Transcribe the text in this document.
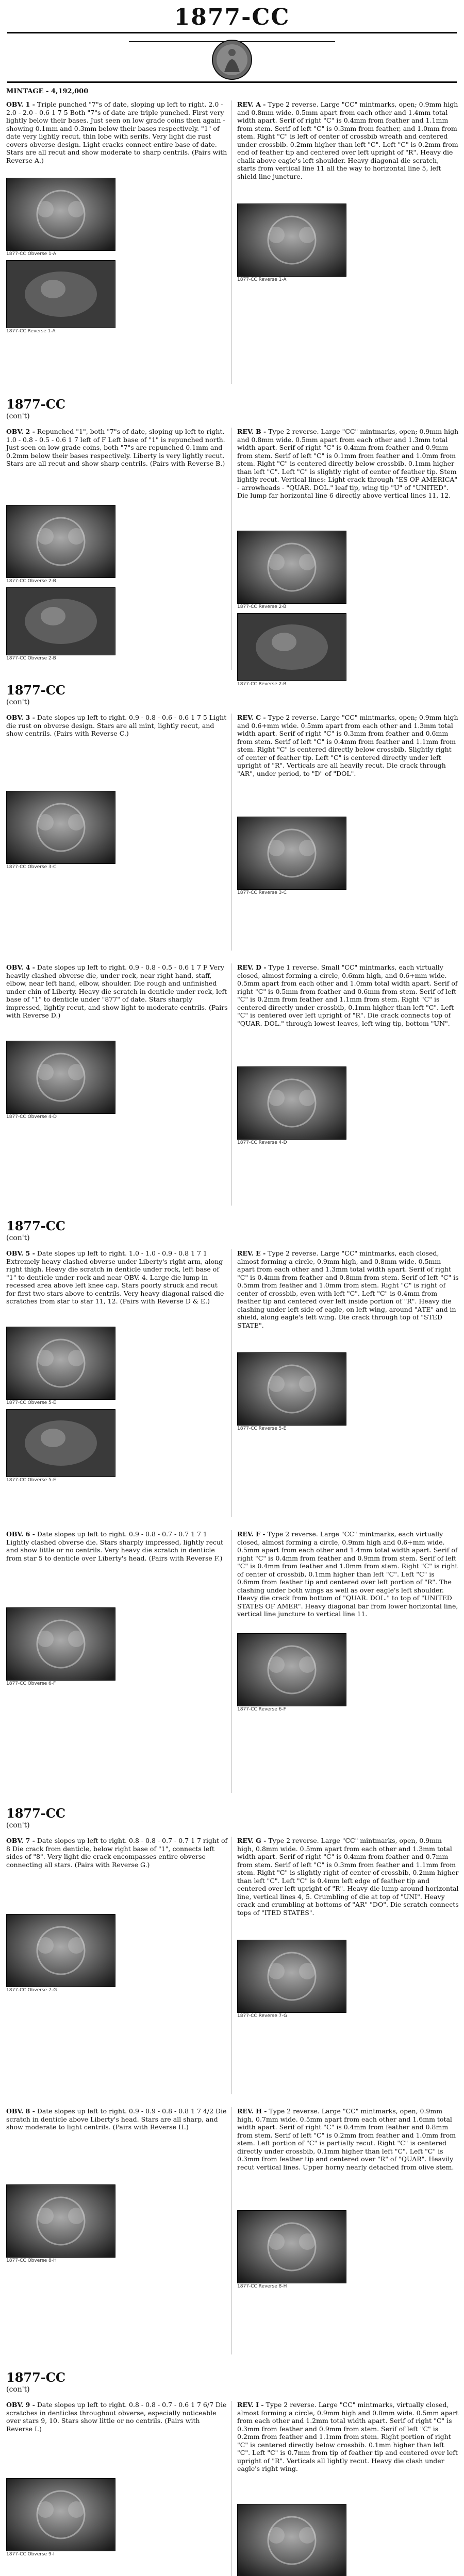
1877-CC
MINTAGE - 4,192,000

OBV. 1 - Triple punched "7"s of date, sloping up left to right. 2.0 - 2.0 - 2.0 - 0.6 1 7 5 Both "7"s of date are triple punched. First very lightly below their bases. Just seen on low grade coins then again - showing 0.1mm and 0.3mm below their bases respectively. "1" of date very lightly recut, thin lobe with serifs. Very light die rust covers obverse design. Light cracks connect entire base of date. Stars are all recut and show moderate to sharp centrils. (Pairs with Reverse A.)

1877-CC Obverse 1-A
1877-CC Reverse 1-A

REV. A - Type 2 reverse. Large "CC" mintmarks, open; 0.9mm high and 0.8mm wide. 0.5mm apart from each other and 1.4mm total width apart. Serif of right "C" is 0.4mm from feather and 1.1mm from stem. Serif of left "C" is 0.3mm from feather, and 1.0mm from stem. Right "C" is left of center of crossbib wreath and centered under crossbib. 0.2mm higher than left "C". Left "C" is 0.2mm from end of feather tip and centered over left upright of "R". Heavy die chalk above eagle's left shoulder. Heavy diagonal die scratch, starts from vertical line 11 all the way to horizontal line 5, left shield line juncture.

1877-CC Reverse 1-A
1877-CC
(con't)

OBV. 2 - Repunched "1", both "7"s of date, sloping up left to right. 1.0 - 0.8 - 0.5 - 0.6 1 7 left of F Left base of "1" is repunched north. Just seen on low grade coins, both "7"s are repunched 0.1mm and 0.2mm below their bases respectively. Liberty is very lightly recut. Stars are all recut and show sharp centrils. (Pairs with Reverse B.)

1877-CC Obverse 2-B
1877-CC Obverse 2-B

REV. B - Type 2 reverse. Large "CC" mintmarks, open; 0.9mm high and 0.8mm wide. 0.5mm apart from each other and 1.3mm total width apart. Serif of right "C" is 0.4mm from feather and 0.9mm from stem. Serif of left "C" is 0.1mm from feather and 1.0mm from stem. Right "C" is centered directly below crossbib. 0.1mm higher than left "C". Left "C" is slightly right of center of feather tip. Stem lightly recut. Vertical lines: Light crack through "ES OF AMERICA" - arrowheads - "QUAR. DOL." leaf tip, wing tip "U" of "UNITED". Die lump far horizontal line 6 directly above vertical lines 11, 12.

1877-CC Reverse 2-B
1877-CC Reverse 2-B
1877-CC
(con't)

OBV. 3 - Date slopes up left to right. 0.9 - 0.8 - 0.6 - 0.6 1 7 5 Light die rust on obverse design. Stars are all mint, lightly recut, and show centrils. (Pairs with Reverse C.)

1877-CC Obverse 3-C

REV. C - Type 2 reverse. Large "CC" mintmarks, open; 0.9mm high and 0.6+mm wide. 0.5mm apart from each other and 1.3mm total width apart. Serif of right "C" is 0.3mm from feather and 0.6mm from stem. Serif of left "C" is 0.4mm from feather and 1.1mm from stem. Right "C" is centered directly below crossbib. Slightly right of center of feather tip. Left "C" is centered directly under left upright of "R". Verticals are all heavily recut. Die crack through "AR", under period, to "D" of "DOL".

1877-CC Reverse 3-C

OBV. 4 - Date slopes up left to right. 0.9 - 0.8 - 0.5 - 0.6 1 7 F Very heavily clashed obverse die, under rock, near right hand, staff, elbow, near left hand, elbow, shoulder. Die rough and unfinished under chin of Liberty. Heavy die scratch in denticle under rock, left base of "1" to denticle under "877" of date. Stars sharply impressed, lightly recut, and show light to moderate centrils. (Pairs with Reverse D.)

1877-CC Obverse 4-D

REV. D - Type 1 reverse. Small "CC" mintmarks, each virtually closed, almost forming a circle, 0.6mm high, and 0.6+mm wide. 0.5mm apart from each other and 1.0mm total width apart. Serif of right "C" is 0.5mm from feather and 0.6mm from stem. Serif of left "C" is 0.2mm from feather and 1.1mm from stem. Right "C" is centered directly under crossbib, 0.1mm higher than left "C". Left "C" is centered over left upright of "R". Die crack connects top of "QUAR. DOL." through lowest leaves, left wing tip, bottom "UN".

1877-CC Reverse 4-D
1877-CC
(con't)

OBV. 5 - Date slopes up left to right. 1.0 - 1.0 - 0.9 - 0.8 1 7 1 Extremely heavy clashed obverse under Liberty's right arm, along right thigh. Heavy die scratch in denticle under rock, left base of "1" to denticle under rock and near OBV. 4. Large die lump in recessed area above left knee cap. Stars poorly struck and recut for first two stars above to centrils. Very heavy diagonal raised die scratches from star to star 11, 12. (Pairs with Reverse D & E.)

1877-CC Obverse 5-E
1877-CC Obverse 5-E

REV. E - Type 2 reverse. Large "CC" mintmarks, each closed, almost forming a circle, 0.9mm high, and 0.8mm wide. 0.5mm apart from each other and 1.3mm total width apart. Serif of right "C" is 0.4mm from feather and 0.8mm from stem. Serif of left "C" is 0.5mm from feather and 1.0mm from stem. Right "C" is right of center of crossbib, even with left "C". Left "C" is 0.4mm from feather tip and centered over left inside portion of "R". Heavy die clashing under left side of eagle, on left wing, around "ATE" and in shield, along eagle's left wing. Die crack through top of "STED STATE".

1877-CC Reverse 5-E

OBV. 6 - Date slopes up left to right. 0.9 - 0.8 - 0.7 - 0.7 1 7 1 Lightly clashed obverse die. Stars sharply impressed, lightly recut and show little or no centrils. Very heavy die scratch in denticle from star 5 to denticle over Liberty's head. (Pairs with Reverse F.)

1877-CC Obverse 6-F

REV. F - Type 2 reverse. Large "CC" mintmarks, each virtually closed, almost forming a circle, 0.9mm high and 0.6+mm wide. 0.5mm apart from each other and 1.4mm total width apart. Serif of right "C" is 0.4mm from feather and 0.9mm from stem. Serif of left "C" is 0.4mm from feather and 1.0mm from stem. Right "C" is right of center of crossbib, 0.1mm higher than left "C". Left "C" is 0.6mm from feather tip and centered over left portion of "R". The clashing under both wings as well as over eagle's left shoulder. Heavy die crack from bottom of "QUAR. DOL." to top of "UNITED STATES OF AMER". Heavy diagonal bar from lower horizontal line, vertical line juncture to vertical line 11.

1877-CC Reverse 6-F
1877-CC
(con't)

OBV. 7 - Date slopes up left to right. 0.8 - 0.8 - 0.7 - 0.7 1 7 right of 8 Die crack from denticle, below right base of "1", connects left sides of "8". Very light die crack encompasses entire obverse connecting all stars. (Pairs with Reverse G.)

1877-CC Obverse 7-G

REV. G - Type 2 reverse. Large "CC" mintmarks, open, 0.9mm high, 0.8mm wide. 0.5mm apart from each other and 1.3mm total width apart. Serif of right "C" is 0.4mm from feather and 0.7mm from stem. Serif of left "C" is 0.3mm from feather and 1.1mm from stem. Right "C" is slightly right of center of crossbib, 0.2mm higher than left "C". Left "C" is 0.4mm left edge of feather tip and centered over left upright of "R". Heavy die lump around horizontal line, vertical lines 4, 5. Crumbling of die at top of "UNI". Heavy crack and crumbling at bottoms of "AR" "DO". Die scratch connects tops of "ITED STATES".

1877-CC Reverse 7-G

OBV. 8 - Date slopes up left to right. 0.9 - 0.9 - 0.8 - 0.8 1 7 4/2 Die scratch in denticle above Liberty's head. Stars are all sharp, and show moderate to light centrils. (Pairs with Reverse H.)

1877-CC Obverse 8-H

REV. H - Type 2 reverse. Large "CC" mintmarks, open, 0.9mm high, 0.7mm wide. 0.5mm apart from each other and 1.6mm total width apart. Serif of right "C" is 0.4mm from feather and 0.8mm from stem. Serif of left "C" is 0.2mm from feather and 1.0mm from stem. Left portion of "C" is partially recut. Right "C" is centered directly under crossbib, 0.1mm higher than left "C". Left "C" is 0.3mm from feather tip and centered over "R" of "QUAR". Heavily recut vertical lines. Upper horny nearly detached from olive stem.

1877-CC Reverse 8-H
1877-CC
(con't)

OBV. 9 - Date slopes up left to right. 0.8 - 0.8 - 0.7 - 0.6 1 7 6/7 Die scratches in denticles throughout obverse, especially noticeable over stars 9, 10. Stars show little or no centrils. (Pairs with Reverse I.)

1877-CC Obverse 9-I

REV. I - Type 2 reverse. Large "CC" mintmarks, virtually closed, almost forming a circle, 0.9mm high and 0.8mm wide. 0.5mm apart from each other and 1.2mm total width apart. Serif of right "C" is 0.3mm from feather and 0.9mm from stem. Serif of left "C" is 0.2mm from feather and 1.1mm from stem. Right portion of right "C" is centered directly below crossbib. 0.1mm higher than left "C". Left "C" is 0.7mm from tip of feather tip and centered over left upright of "R". Verticals all lightly recut. Heavy die clash under eagle's right wing.
